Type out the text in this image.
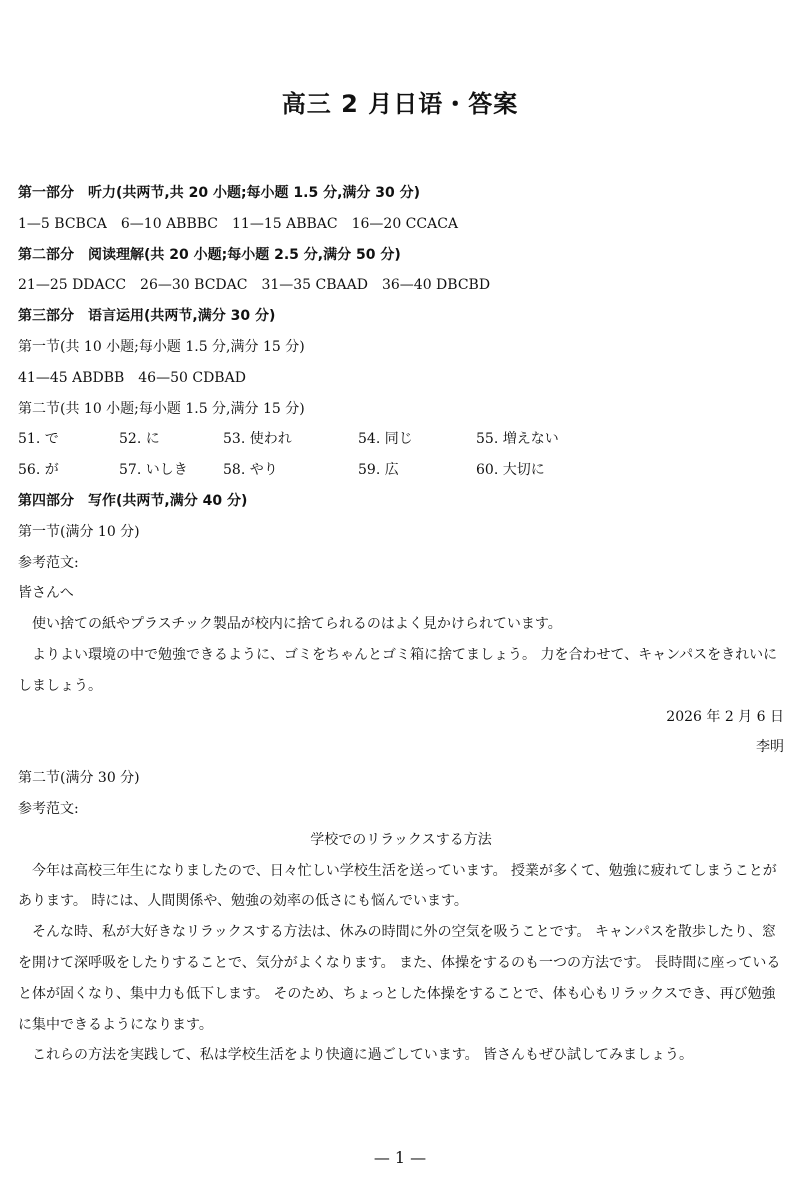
高三 2 月日语・答案
第一部分　听力(共两节,共 20 小题;每小题 1.5 分,满分 30 分)
1—5 BCBCA　6—10 ABBBC　11—15 ABBAC　16—20 CCACA
第二部分　阅读理解(共 20 小题;每小题 2.5 分,满分 50 分)
21—25 DDACC　26—30 BCDAC　31—35 CBAAD　36—40 DBCBD
第三部分　语言运用(共两节,满分 30 分)
第一节(共 10 小题;每小题 1.5 分,满分 15 分)
41—45 ABDBB　46—50 CDBAD
第二节(共 10 小题;每小题 1.5 分,满分 15 分)
51. で	52. に	53. 使われ	54. 同じ	55. 増えない
56. が	57. いしき	58. やり	59. 広	60. 大切に
第四部分　写作(共两节,满分 40 分)
第一节(满分 10 分)
参考范文:
皆さんへ
使い捨ての紙やプラスチック製品が校内に捨てられるのはよく見かけられています。
よりよい環境の中で勉強できるように、ゴミをちゃんとゴミ箱に捨てましょう。 力を合わせて、キャンパスをきれいにしましょう。
2026 年 2 月 6 日
李明
第二节(满分 30 分)
参考范文:
学校でのリラックスする方法
今年は高校三年生になりましたので、日々忙しい学校生活を送っています。 授業が多くて、勉強に疲れてしまうことがあります。 時には、人間関係や、勉強の効率の低さにも悩んでいます。
そんな時、私が大好きなリラックスする方法は、休みの時間に外の空気を吸うことです。 キャンパスを散歩したり、窓を開けて深呼吸をしたりすることで、気分がよくなります。 また、体操をするのも一つの方法です。 長時間に座っていると体が固くなり、集中力も低下します。 そのため、ちょっとした体操をすることで、体も心もリラックスでき、再び勉強に集中できるようになります。
これらの方法を実践して、私は学校生活をより快適に過ごしています。 皆さんもぜひ試してみましょう。
— 1 —
